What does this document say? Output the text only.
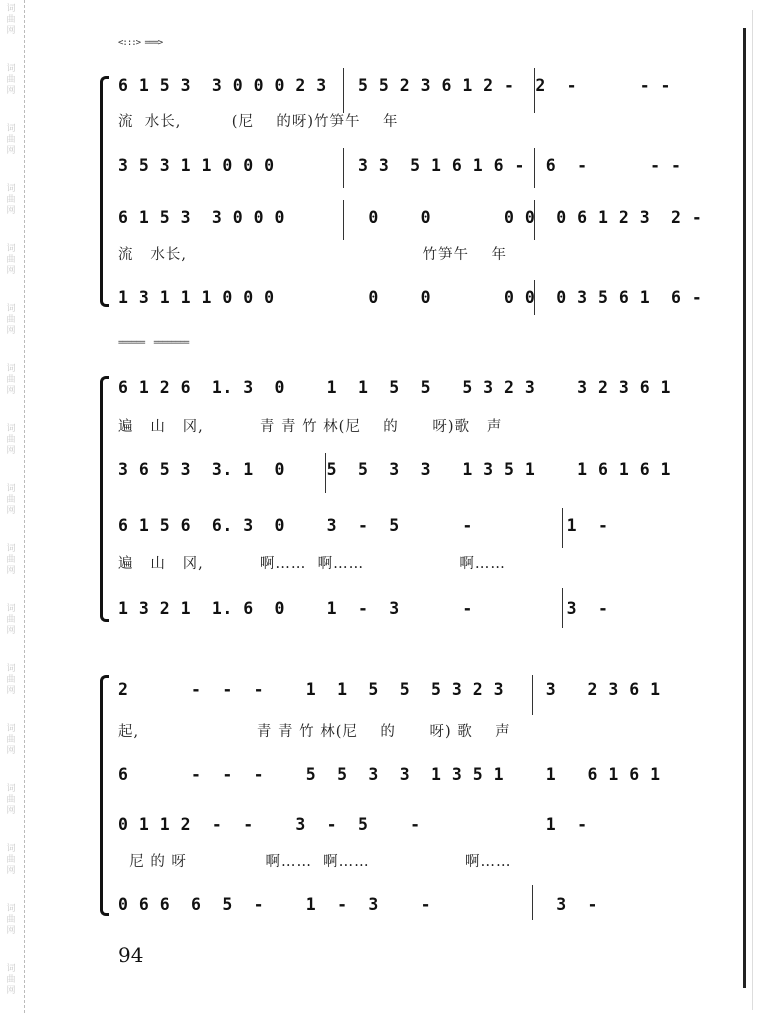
词
曲
网
词
曲
网
词
曲
网
词
曲
网
词
曲
网
词
曲
网
词
曲
网
词
曲
网
词
曲
网
词
曲
网
词
曲
网
词
曲
网
词
曲
网
词
曲
网
词
曲
网
词
曲
网
词
曲
网
<:::> ===>
6 1 5 3  3 0 0 0 2 3   5 5 2 3 6 1 2 -  2  -      - -
流  水长,         (尼    的呀)竹笋午    年
3 5 3 1 1 0 0 0        3 3  5 1 6 1 6 -  6  -      - -
6 1 5 3  3 0 0 0        0    0       0 0  0 6 1 2 3  2 -
流   水长,                                          竹笋午    年
1 3 1 1 1 0 0 0         0    0       0 0  0 3 5 6 1  6 -
======  ========
6 1 2 6  1. 3  0    1  1  5  5   5 3 2 3    3 2 3 6 1
遍   山   冈,          青 青 竹 林(尼    的      呀)歌   声
3 6 5 3  3. 1  0    5  5  3  3   1 3 5 1    1 6 1 6 1
6 1 5 6  6. 3  0    3  -  5      -         1  -
遍   山   冈,          啊……  啊……                 啊……
1 3 2 1  1. 6  0    1  -  3      -         3  -
2      -  -  -    1  1  5  5  5 3 2 3    3   2 3 6 1
起,                     青 青 竹 林(尼    的      呀) 歌    声
6      -  -  -    5  5  3  3  1 3 5 1    1   6 1 6 1
0 1 1 2  -  -    3  -  5    -            1  -
尼 的 呀              啊……  啊……                 啊……
0 6 6  6  5  -    1  -  3    -            3  -
94
